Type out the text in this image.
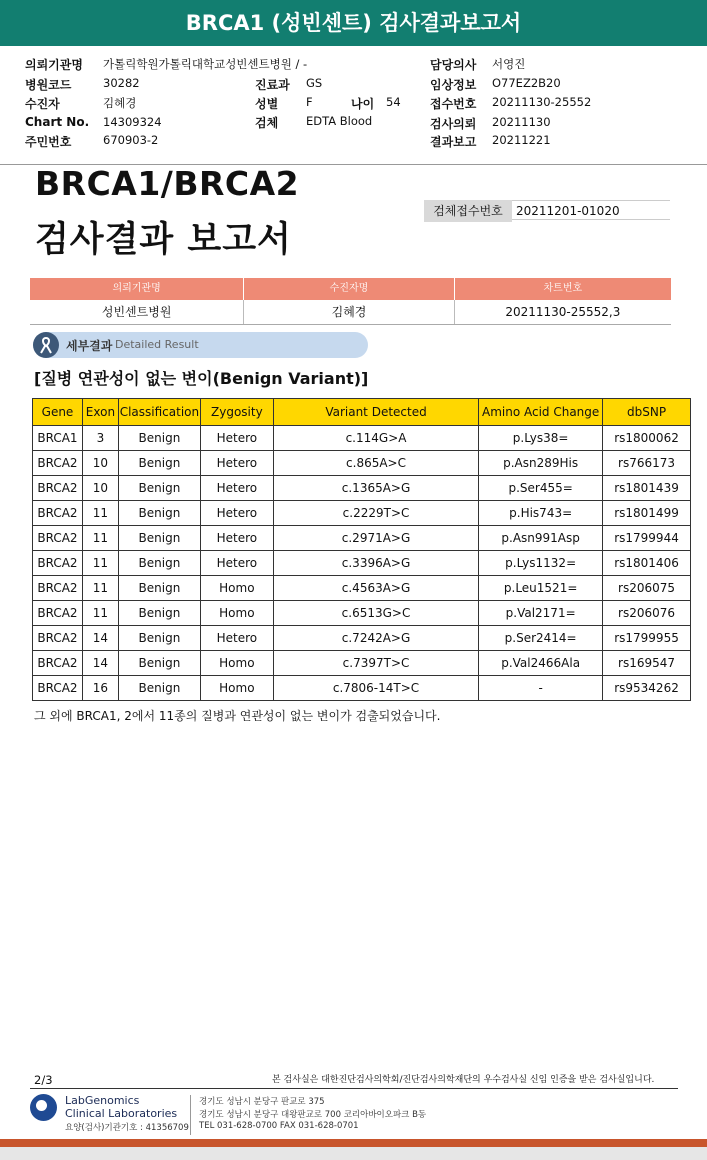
BRCA1 (성빈센트) 검사결과보고서
의뢰기관명 가톨릭학원가톨릭대학교성빈센트병원 / -
병원코드	30282
수진자	김혜경
Chart No. 14309324
주민번호	670903-2
진료과 GS
성별 F	나이 54
검체 EDTA Blood
담당의사 서영진
임상정보 O77EZ2B20
접수번호 20211130-25552
검사의뢰 20211130
결과보고 20211221
BRCA1/BRCA2
검사결과 보고서
검체접수번호	20211201-01020
의뢰기관명	수진자명	차트번호
성빈센트병원	김혜경	20211130-25552,3
세부결과 Detailed Result
[질병 연관성이 없는 변이(Benign Variant)]
Gene	Exon	Classification	Zygosity	Variant Detected	Amino Acid Change	dbSNP
BRCA1	3	Benign	Hetero	c.114G>A	p.Lys38=	rs1800062
BRCA2	10	Benign	Hetero	c.865A>C	p.Asn289His	rs766173
BRCA2	10	Benign	Hetero	c.1365A>G	p.Ser455=	rs1801439
BRCA2	11	Benign	Hetero	c.2229T>C	p.His743=	rs1801499
BRCA2	11	Benign	Hetero	c.2971A>G	p.Asn991Asp	rs1799944
BRCA2	11	Benign	Hetero	c.3396A>G	p.Lys1132=	rs1801406
BRCA2	11	Benign	Homo	c.4563A>G	p.Leu1521=	rs206075
BRCA2	11	Benign	Homo	c.6513G>C	p.Val2171=	rs206076
BRCA2	14	Benign	Hetero	c.7242A>G	p.Ser2414=	rs1799955
BRCA2	14	Benign	Homo	c.7397T>C	p.Val2466Ala	rs169547
BRCA2	16	Benign	Homo	c.7806-14T>C	-	rs9534262
그 외에 BRCA1, 2에서 11종의 질병과 연관성이 없는 변이가 검출되었습니다.
2/3	본 검사실은 대한진단검사의학회/진단검사의학재단의 우수검사실 신임 인증을 받은 검사실입니다.
LabGenomics
Clinical Laboratories
요양(검사)기관기호 : 41356709
경기도 성남시 분당구 판교로 375
경기도 성남시 분당구 대왕판교로 700 코리아바이오파크 B동
TEL 031-628-0700 FAX 031-628-0701
